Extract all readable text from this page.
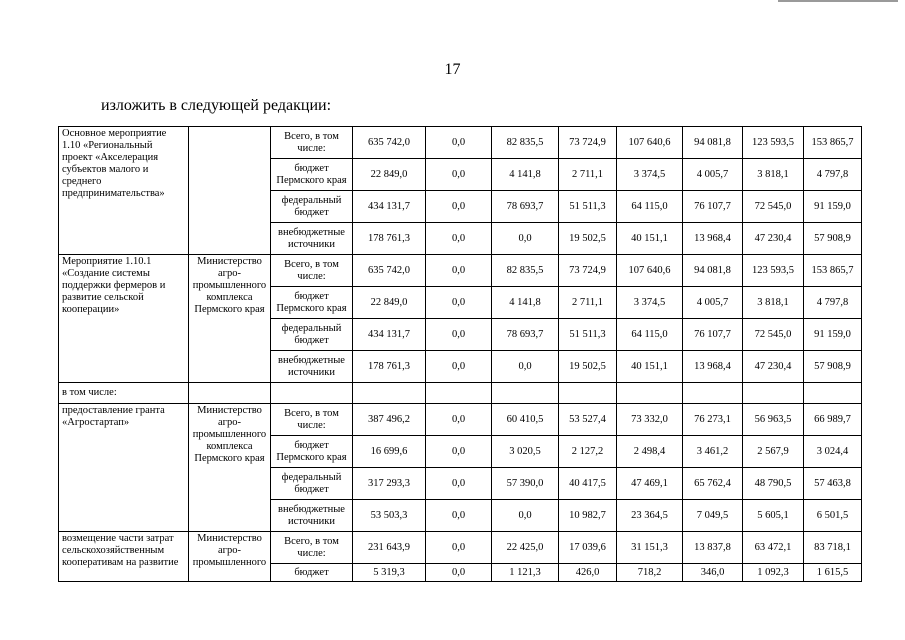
17
изложить в следующей редакции:
Основное мероприятие 1.10 «Региональный проект «Акселерация субъектов малого и среднего предпринимательства»		Всего, в том числе:	635 742,0	0,0	82 835,5	73 724,9	107 640,6	94 081,8	123 593,5	153 865,7
		бюджет Пермского края	22 849,0	0,0	4 141,8	2 711,1	3 374,5	4 005,7	3 818,1	4 797,8
		федеральный бюджет	434 131,7	0,0	78 693,7	51 511,3	64 115,0	76 107,7	72 545,0	91 159,0
		внебюджетные источники	178 761,3	0,0	0,0	19 502,5	40 151,1	13 968,4	47 230,4	57 908,9
Мероприятие 1.10.1 «Создание системы поддержки фермеров и развитие сельской кооперации»	Министерство агро-промышленного комплекса Пермского края	Всего, в том числе:	635 742,0	0,0	82 835,5	73 724,9	107 640,6	94 081,8	123 593,5	153 865,7
		бюджет Пермского края	22 849,0	0,0	4 141,8	2 711,1	3 374,5	4 005,7	3 818,1	4 797,8
		федеральный бюджет	434 131,7	0,0	78 693,7	51 511,3	64 115,0	76 107,7	72 545,0	91 159,0
		внебюджетные источники	178 761,3	0,0	0,0	19 502,5	40 151,1	13 968,4	47 230,4	57 908,9
в том числе:										
предоставление гранта «Агростартап»	Министерство агро-промышленного комплекса Пермского края	Всего, в том числе:	387 496,2	0,0	60 410,5	53 527,4	73 332,0	76 273,1	56 963,5	66 989,7
		бюджет Пермского края	16 699,6	0,0	3 020,5	2 127,2	2 498,4	3 461,2	2 567,9	3 024,4
		федеральный бюджет	317 293,3	0,0	57 390,0	40 417,5	47 469,1	65 762,4	48 790,5	57 463,8
		внебюджетные источники	53 503,3	0,0	0,0	10 982,7	23 364,5	7 049,5	5 605,1	6 501,5
возмещение части затрат сельскохозяйственным кооперативам на развитие	Министерство агро-промышленного	Всего, в том числе:	231 643,9	0,0	22 425,0	17 039,6	31 151,3	13 837,8	63 472,1	83 718,1
		бюджет	5 319,3	0,0	1 121,3	426,0	718,2	346,0	1 092,3	1 615,5
